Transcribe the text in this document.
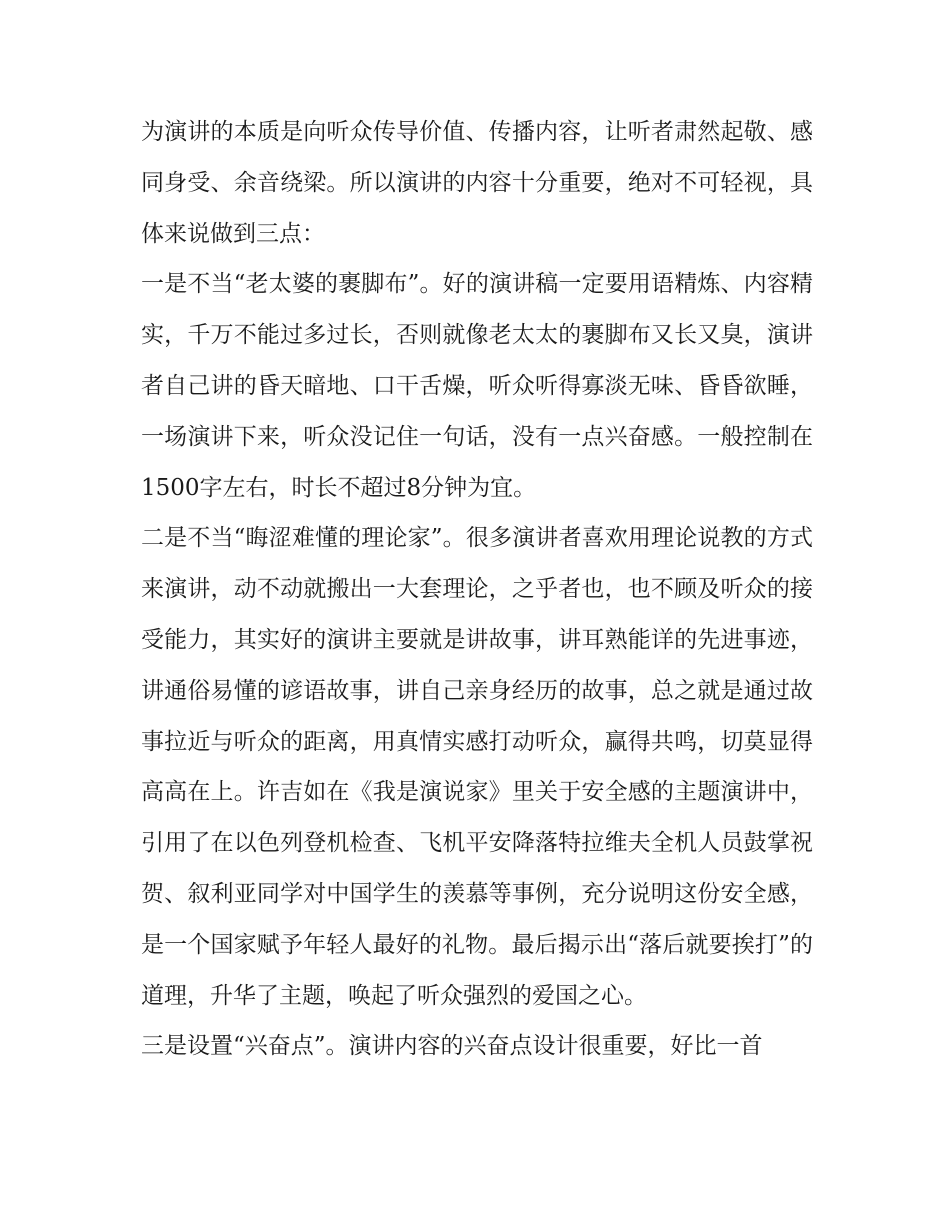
为演讲的本质是向听众传导价值、传播内容，让听者肃然起敬、感同身受、余音绕梁。所以演讲的内容十分重要，绝对不可轻视，具体来说做到三点：

一是不当“老太婆的裹脚布”。好的演讲稿一定要用语精炼、内容精实，千万不能过多过长，否则就像老太太的裹脚布又长又臭，演讲者自己讲的昏天暗地、口干舌燥，听众听得寡淡无味、昏昏欲睡，一场演讲下来，听众没记住一句话，没有一点兴奋感。一般控制在1500字左右，时长不超过8分钟为宜。

二是不当“晦涩难懂的理论家”。很多演讲者喜欢用理论说教的方式来演讲，动不动就搬出一大套理论，之乎者也，也不顾及听众的接受能力，其实好的演讲主要就是讲故事，讲耳熟能详的先进事迹，讲通俗易懂的谚语故事，讲自己亲身经历的故事，总之就是通过故事拉近与听众的距离，用真情实感打动听众，赢得共鸣，切莫显得高高在上。许吉如在《我是演说家》里关于安全感的主题演讲中，引用了在以色列登机检查、飞机平安降落特拉维夫全机人员鼓掌祝贺、叙利亚同学对中国学生的羡慕等事例，充分说明这份安全感，是一个国家赋予年轻人最好的礼物。最后揭示出“落后就要挨打”的道理，升华了主题，唤起了听众强烈的爱国之心。

三是设置“兴奋点”。演讲内容的兴奋点设计很重要，好比一首
